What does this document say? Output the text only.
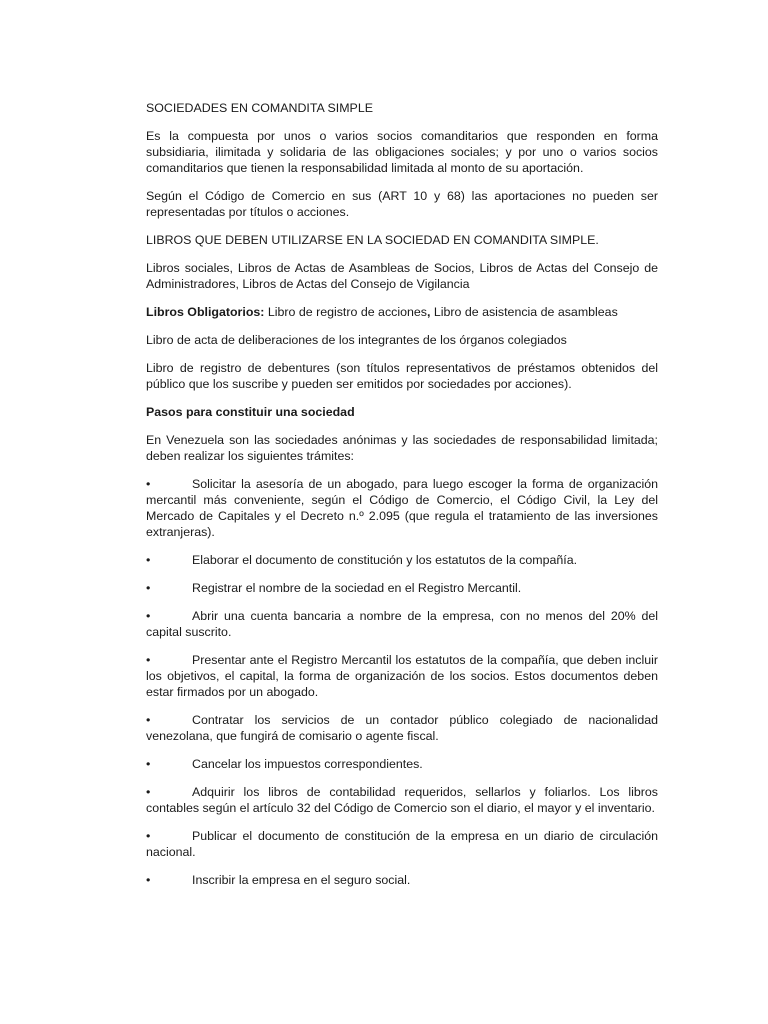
SOCIEDADES EN COMANDITA SIMPLE

Es la compuesta por unos o varios socios comanditarios que responden en forma subsidiaria, ilimitada y solidaria de las obligaciones sociales; y por uno o varios socios comanditarios que tienen la responsabilidad limitada al monto de su aportación.

Según el Código de Comercio en sus (ART 10 y 68) las aportaciones no pueden ser representadas por títulos o acciones.

LIBROS QUE DEBEN UTILIZARSE EN LA SOCIEDAD EN COMANDITA SIMPLE.

Libros sociales, Libros de Actas de Asambleas de Socios, Libros de Actas del Consejo de Administradores, Libros de Actas del Consejo de Vigilancia

Libros Obligatorios: Libro de registro de acciones, Libro de asistencia de asambleas

Libro de acta de deliberaciones de los integrantes de los órganos colegiados

Libro de registro de debentures (son títulos representativos de préstamos obtenidos del público que los suscribe y pueden ser emitidos por sociedades por acciones).

Pasos para constituir una sociedad

En Venezuela son las sociedades anónimas y las sociedades de responsabilidad limitada; deben realizar los siguientes trámites:

•	Solicitar la asesoría de un abogado, para luego escoger la forma de organización mercantil más conveniente, según el Código de Comercio, el Código Civil, la Ley del Mercado de Capitales y el Decreto n.º 2.095 (que regula el tratamiento de las inversiones extranjeras).

•	Elaborar el documento de constitución y los estatutos de la compañía.

•	Registrar el nombre de la sociedad en el Registro Mercantil.

•	Abrir una cuenta bancaria a nombre de la empresa, con no menos del 20% del capital suscrito.

•	Presentar ante el Registro Mercantil los estatutos de la compañía, que deben incluir los objetivos, el capital, la forma de organización de los socios. Estos documentos deben estar firmados por un abogado.

•	Contratar los servicios de un contador público colegiado de nacionalidad venezolana, que fungirá de comisario o agente fiscal.

•	Cancelar los impuestos correspondientes.

•	Adquirir los libros de contabilidad requeridos, sellarlos y foliarlos. Los libros contables según el artículo 32 del Código de Comercio son el diario, el mayor y el inventario.

•	Publicar el documento de constitución de la empresa en un diario de circulación nacional.

•	Inscribir la empresa en el seguro social.
